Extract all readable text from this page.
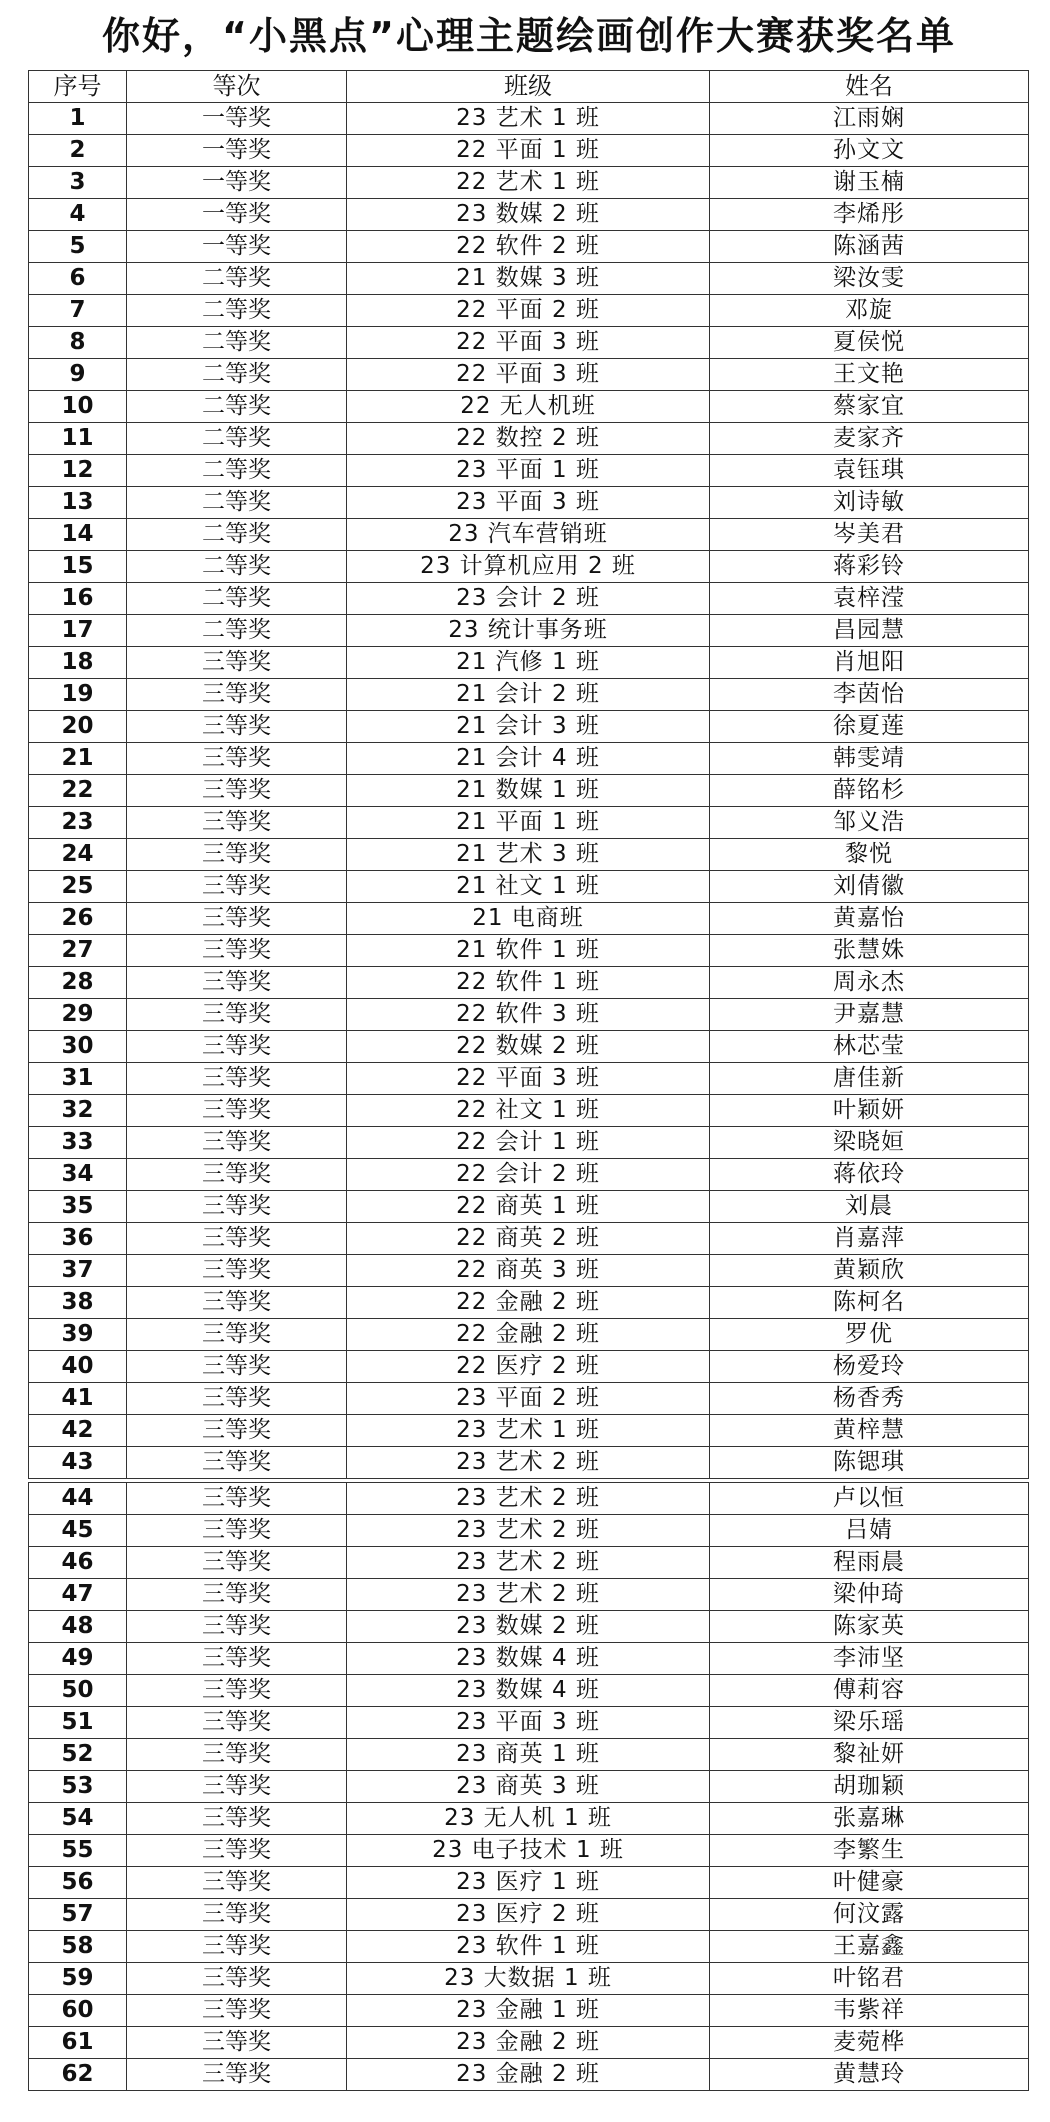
你好，“小黑点”心理主题绘画创作大赛获奖名单
序号	等次	班级	姓名
1	一等奖	23 艺术 1 班	江雨娴
2	一等奖	22 平面 1 班	孙文文
3	一等奖	22 艺术 1 班	谢玉楠
4	一等奖	23 数媒 2 班	李烯彤
5	一等奖	22 软件 2 班	陈涵茜
6	二等奖	21 数媒 3 班	梁汝雯
7	二等奖	22 平面 2 班	邓旋
8	二等奖	22 平面 3 班	夏侯悦
9	二等奖	22 平面 3 班	王文艳
10	二等奖	22 无人机班	蔡家宜
11	二等奖	22 数控 2 班	麦家齐
12	二等奖	23 平面 1 班	袁钰琪
13	二等奖	23 平面 3 班	刘诗敏
14	二等奖	23 汽车营销班	岑美君
15	二等奖	23 计算机应用 2 班	蒋彩铃
16	二等奖	23 会计 2 班	袁梓滢
17	二等奖	23 统计事务班	昌园慧
18	三等奖	21 汽修 1 班	肖旭阳
19	三等奖	21 会计 2 班	李茵怡
20	三等奖	21 会计 3 班	徐夏莲
21	三等奖	21 会计 4 班	韩雯靖
22	三等奖	21 数媒 1 班	薛铭杉
23	三等奖	21 平面 1 班	邹义浩
24	三等奖	21 艺术 3 班	黎悦
25	三等奖	21 社文 1 班	刘倩徽
26	三等奖	21 电商班	黄嘉怡
27	三等奖	21 软件 1 班	张慧姝
28	三等奖	22 软件 1 班	周永杰
29	三等奖	22 软件 3 班	尹嘉慧
30	三等奖	22 数媒 2 班	林芯莹
31	三等奖	22 平面 3 班	唐佳新
32	三等奖	22 社文 1 班	叶颖妍
33	三等奖	22 会计 1 班	梁晓姮
34	三等奖	22 会计 2 班	蒋依玲
35	三等奖	22 商英 1 班	刘晨
36	三等奖	22 商英 2 班	肖嘉萍
37	三等奖	22 商英 3 班	黄颖欣
38	三等奖	22 金融 2 班	陈柯名
39	三等奖	22 金融 2 班	罗优
40	三等奖	22 医疗 2 班	杨爱玲
41	三等奖	23 平面 2 班	杨香秀
42	三等奖	23 艺术 1 班	黄梓慧
43	三等奖	23 艺术 2 班	陈锶琪

44	三等奖	23 艺术 2 班	卢以恒
45	三等奖	23 艺术 2 班	吕婧
46	三等奖	23 艺术 2 班	程雨晨
47	三等奖	23 艺术 2 班	梁仲琦
48	三等奖	23 数媒 2 班	陈家英
49	三等奖	23 数媒 4 班	李沛坚
50	三等奖	23 数媒 4 班	傅莉容
51	三等奖	23 平面 3 班	梁乐瑶
52	三等奖	23 商英 1 班	黎祉妍
53	三等奖	23 商英 3 班	胡珈颖
54	三等奖	23 无人机 1 班	张嘉琳
55	三等奖	23 电子技术 1 班	李繁生
56	三等奖	23 医疗 1 班	叶健豪
57	三等奖	23 医疗 2 班	何汶露
58	三等奖	23 软件 1 班	王嘉鑫
59	三等奖	23 大数据 1 班	叶铭君
60	三等奖	23 金融 1 班	韦紫祥
61	三等奖	23 金融 2 班	麦菀桦
62	三等奖	23 金融 2 班	黄慧玲
